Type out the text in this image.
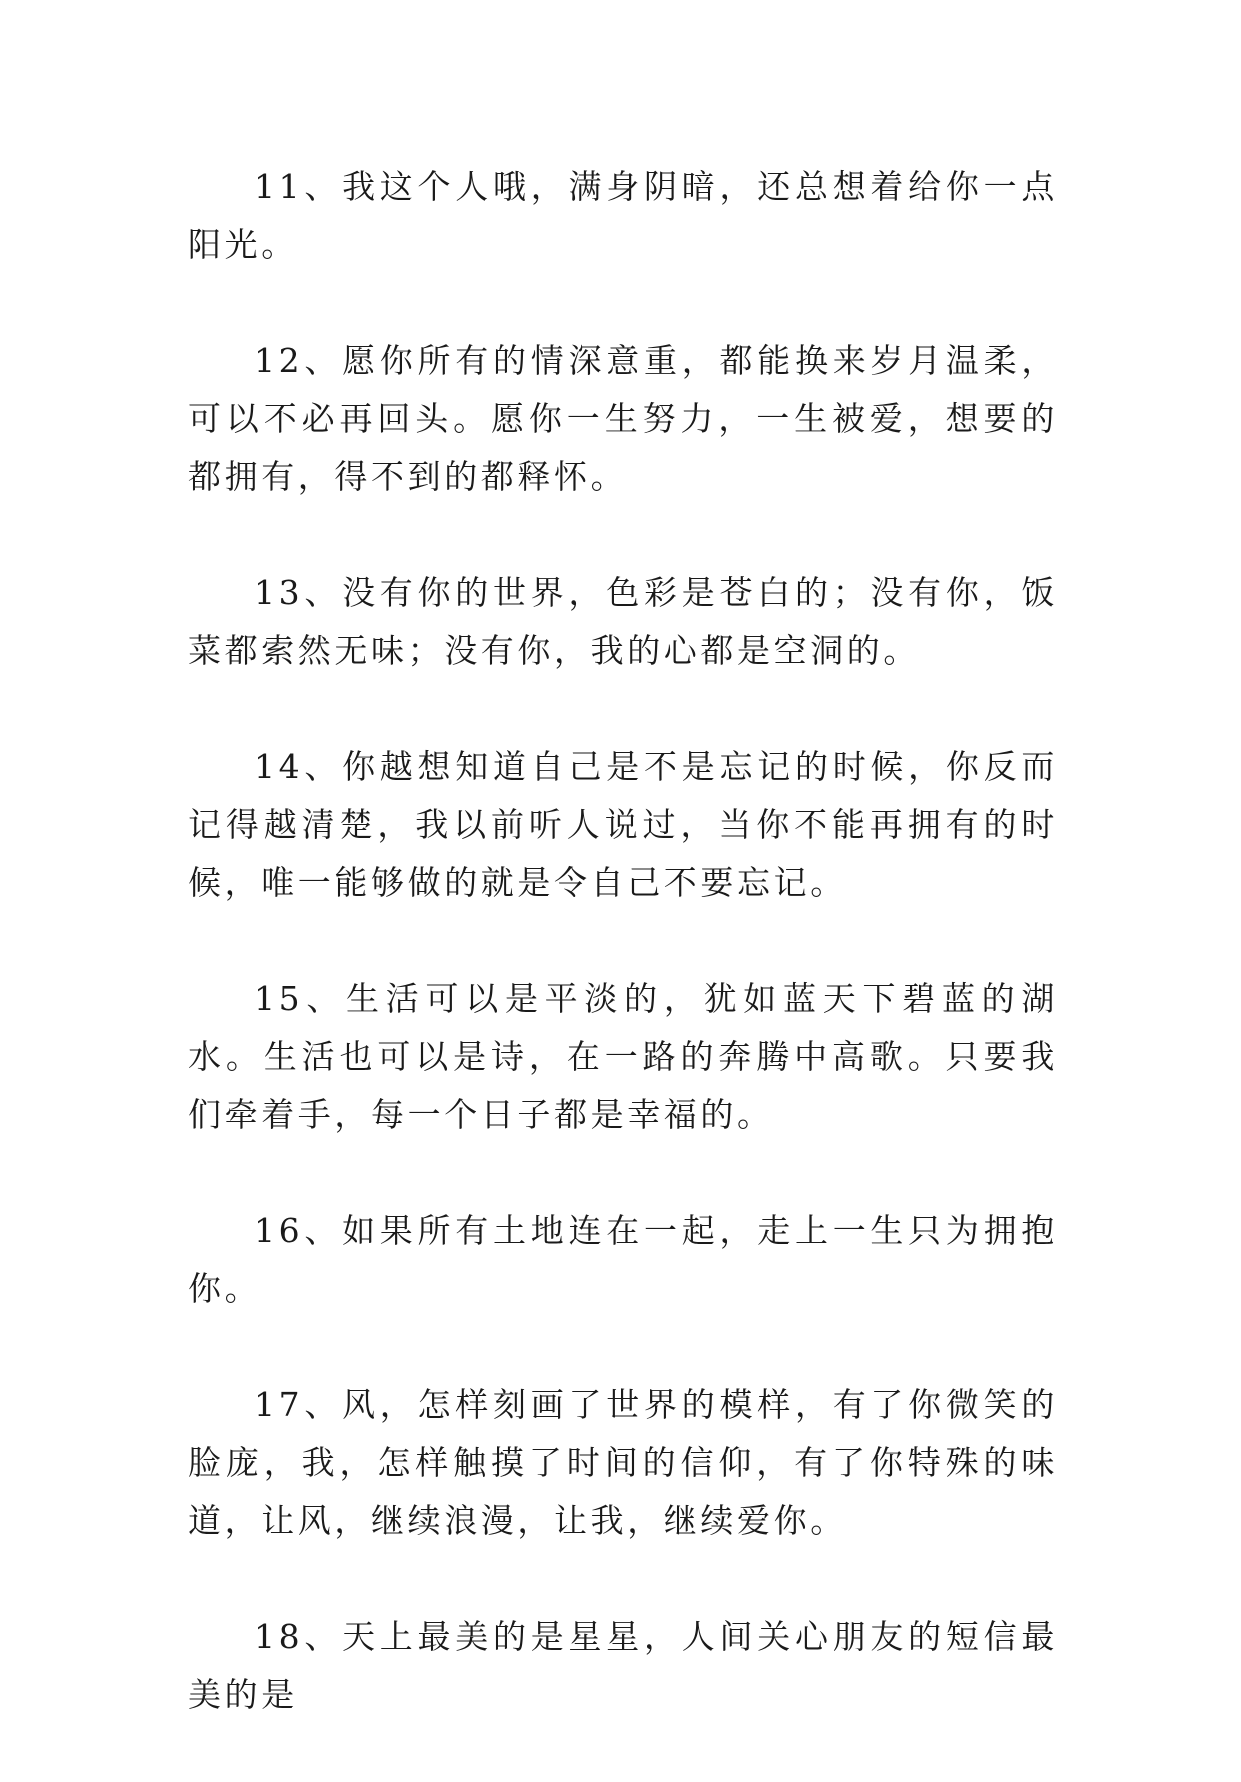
11、我这个人哦，满身阴暗，还总想着给你一点阳光。

12、愿你所有的情深意重，都能换来岁月温柔，可以不必再回头。愿你一生努力，一生被爱，想要的都拥有，得不到的都释怀。

13、没有你的世界，色彩是苍白的；没有你，饭菜都索然无味；没有你，我的心都是空洞的。

14、你越想知道自己是不是忘记的时候，你反而记得越清楚，我以前听人说过，当你不能再拥有的时候，唯一能够做的就是令自己不要忘记。

15、生活可以是平淡的，犹如蓝天下碧蓝的湖水。生活也可以是诗，在一路的奔腾中高歌。只要我们牵着手，每一个日子都是幸福的。

16、如果所有土地连在一起，走上一生只为拥抱你。

17、风，怎样刻画了世界的模样，有了你微笑的脸庞，我，怎样触摸了时间的信仰，有了你特殊的味道，让风，继续浪漫，让我，继续爱你。

18、天上最美的是星星，人间关心朋友的短信最美的是
